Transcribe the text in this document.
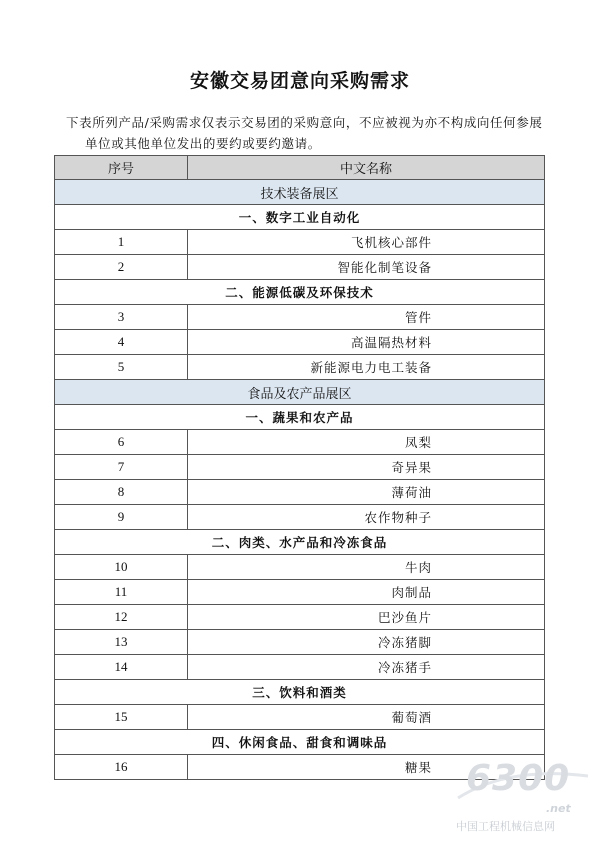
安徽交易团意向采购需求
下表所列产品/采购需求仅表示交易团的采购意向，不应被视为亦不构成向任何参展
单位或其他单位发出的要约或要约邀请。
序号	中文名称
技术装备展区	
一、数字工业自动化	
1	飞机核心部件
2	智能化制笔设备
二、能源低碳及环保技术	
3	管件
4	高温隔热材料
5	新能源电力电工装备
食品及农产品展区	
一、蔬果和农产品	
6	凤梨
7	奇异果
8	薄荷油
9	农作物种子
二、肉类、水产品和冷冻食品	
10	牛肉
11	肉制品
12	巴沙鱼片
13	冷冻猪脚
14	冷冻猪手
三、饮料和酒类	
15	葡萄酒
四、休闲食品、甜食和调味品	
16	糖果 6300
.net
中国工程机械信息网
